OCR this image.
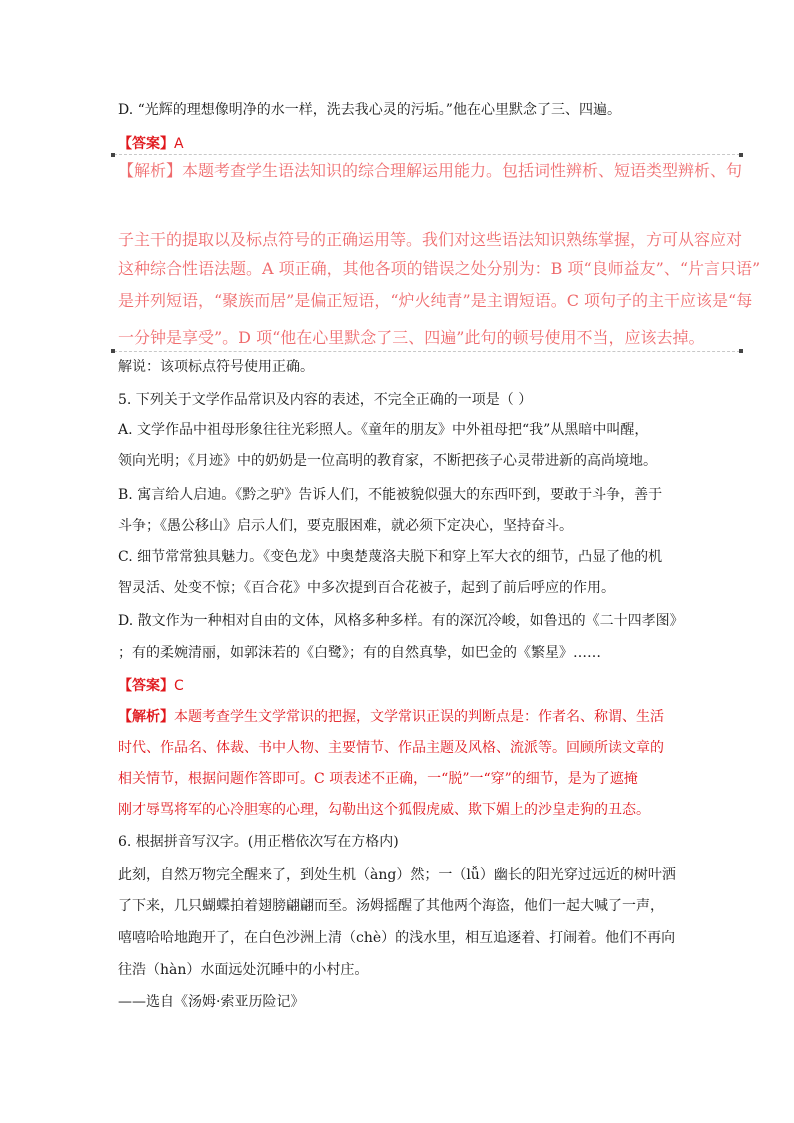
D. “光辉的理想像明净的水一样，洗去我心灵的污垢。”他在心里默念了三、四遍。
【答案】A
【解析】本题考查学生语法知识的综合理解运用能力。包括词性辨析、短语类型辨析、句
子主干的提取以及标点符号的正确运用等。我们对这些语法知识熟练掌握，方可从容应对
这种综合性语法题。A 项正确，其他各项的错误之处分别为：B 项“良师益友”、“片言只语”
是并列短语，“聚族而居”是偏正短语，“炉火纯青”是主谓短语。C 项句子的主干应该是“每
一分钟是享受”。D 项“他在心里默念了三、四遍”此句的顿号使用不当，应该去掉。
解说：该项标点符号使用正确。
5. 下列关于文学作品常识及内容的表述，不完全正确的一项是（ ）
A. 文学作品中祖母形象往往光彩照人。《童年的朋友》中外祖母把“我”从黑暗中叫醒，
领向光明；《月迹》中的奶奶是一位高明的教育家，不断把孩子心灵带进新的高尚境地。
B. 寓言给人启迪。《黔之驴》告诉人们，不能被貌似强大的东西吓到，要敢于斗争，善于
斗争；《愚公移山》启示人们，要克服困难，就必须下定决心，坚持奋斗。
C. 细节常常独具魅力。《变色龙》中奥楚蔑洛夫脱下和穿上军大衣的细节，凸显了他的机
智灵活、处变不惊；《百合花》中多次提到百合花被子，起到了前后呼应的作用。
D. 散文作为一种相对自由的文体，风格多种多样。有的深沉冷峻，如鲁迅的《二十四孝图》
；有的柔婉清丽，如郭沫若的《白鹭》；有的自然真挚，如巴金的《繁星》……
【答案】C
【解析】本题考查学生文学常识的把握，文学常识正误的判断点是：作者名、称谓、生活
时代、作品名、体裁、书中人物、主要情节、作品主题及风格、流派等。回顾所读文章的
相关情节，根据问题作答即可。C 项表述不正确，一“脱”一“穿”的细节，是为了遮掩
刚才辱骂将军的心冷胆寒的心理，勾勒出这个狐假虎威、欺下媚上的沙皇走狗的丑态。
6. 根据拼音写汉字。(用正楷依次写在方格内)
此刻，自然万物完全醒来了，到处生机（àng）然；一（lǚ）幽长的阳光穿过远近的树叶洒
了下来，几只蝴蝶拍着翅膀翩翩而至。汤姆摇醒了其他两个海盗，他们一起大喊了一声，
嘻嘻哈哈地跑开了，在白色沙洲上清（chè）的浅水里，相互追逐着、打闹着。他们不再向
往浩（hàn）水面远处沉睡中的小村庄。
——选自《汤姆·索亚历险记》
